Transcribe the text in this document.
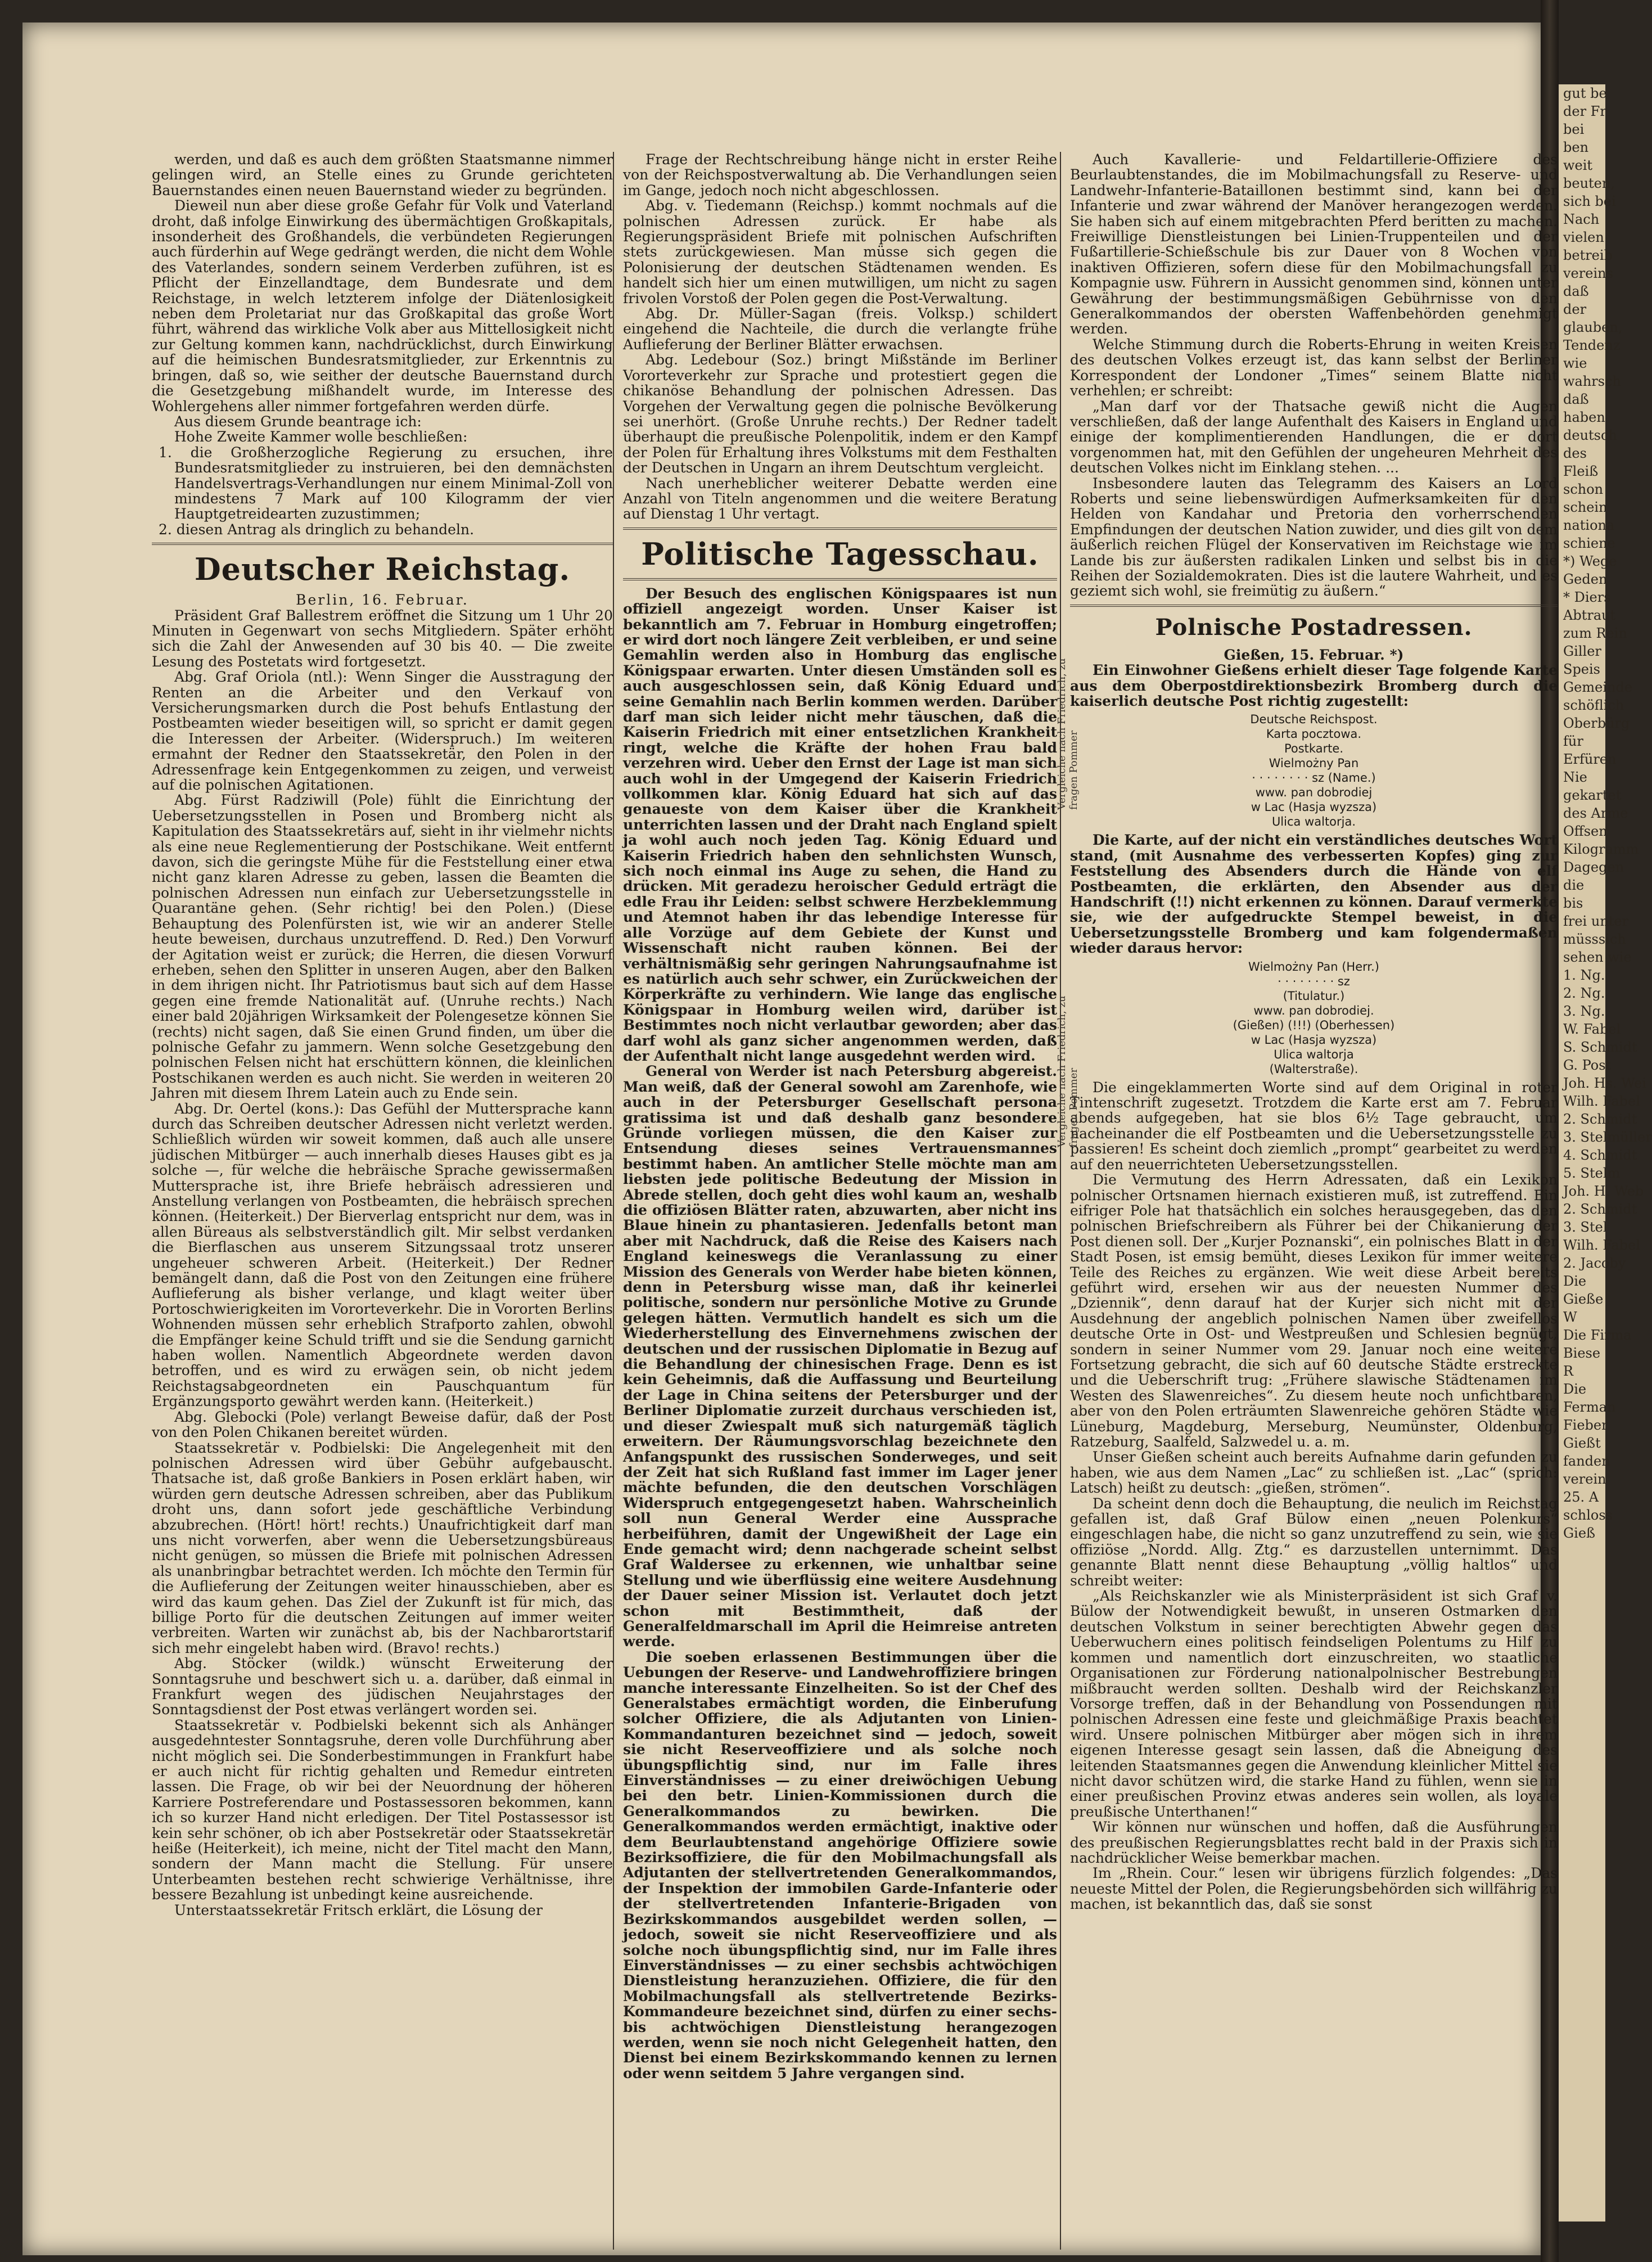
gut be
der Fr
bei
ben
weit
beuten,
sich bei
Nach
vielen
betreib
vereins
daß
der
glauben,
Tendenz
wie
wahrsch
daß
haben
deutsch
des
Fleiß
schon
schein
nationa
schiene
*) Wege
Geden
* Diers
Abtraut
zum Rein
Giller
Speis
Gemeinde
schöflich
Oberbürg
für
Erfüren
Nie
gekartet
des Arme
Offsen
Kilogramm
Dagegen
die
bis
frei unter
müsssich
sehen wie
1. Ng.
2. Ng.
3. Ng.
W. Fabel
S. Schmidt
G. Post
Joh. Hs. Wei
Wilh. Fabel
2. Schmidt
3. Stelmüller
4. Schmidt
5. Stelm
Joh. H. Web
2. Schmidt
3. Stel
Wilh. Fabel
2. Jacoby
Die
Gieße
W
Die Firma
Biese
R
Die
Ferman
Fieber
Gießt
fanden
verein
25. A
schloss
Gieß

werden, und daß es auch dem größten Staatsmanne nimmer gelingen wird, an Stelle eines zu Grunde gerichteten Bauernstandes einen neuen Bauernstand wieder zu begründen.

Dieweil nun aber diese große Gefahr für Volk und Vaterland droht, daß infolge Einwirkung des übermächtigen Großkapitals, insonderheit des Großhandels, die verbündeten Regierungen auch fürderhin auf Wege gedrängt werden, die nicht dem Wohle des Vaterlandes, sondern seinem Verderben zuführen, ist es Pflicht der Einzellandtage, dem Bundesrate und dem Reichstage, in welch letzterem infolge der Diätenlosigkeit neben dem Proletariat nur das Großkapital das große Wort führt, während das wirkliche Volk aber aus Mittellosigkeit nicht zur Geltung kommen kann, nachdrücklichst, durch Einwirkung auf die heimischen Bundesratsmitglieder, zur Erkenntnis zu bringen, daß so, wie seither der deutsche Bauernstand durch die Gesetzgebung mißhandelt wurde, im Interesse des Wohlergehens aller nimmer fortgefahren werden dürfe.

Aus diesem Grunde beantrage ich:

Hohe Zweite Kammer wolle beschließen:

1. die Großherzogliche Regierung zu ersuchen, ihre Bundesratsmitglieder zu instruieren, bei den demnächsten Handelsvertrags-Verhandlungen nur einem Minimal-Zoll von mindestens 7 Mark auf 100 Kilogramm der vier Hauptgetreidearten zuzustimmen;

2. diesen Antrag als dringlich zu behandeln.

Deutscher Reichstag.

Berlin, 16. Februar.

Präsident Graf Ballestrem eröffnet die Sitzung um 1 Uhr 20 Minuten in Gegenwart von sechs Mitgliedern. Später erhöht sich die Zahl der Anwesenden auf 30 bis 40. — Die zweite Lesung des Postetats wird fortgesetzt.

Abg. Graf Oriola (ntl.): Wenn Singer die Ausstragung der Renten an die Arbeiter und den Verkauf von Versicherungsmarken durch die Post behufs Entlastung der Postbeamten wieder beseitigen will, so spricht er damit gegen die Interessen der Arbeiter. (Widerspruch.) Im weiteren ermahnt der Redner den Staatssekretär, den Polen in der Adressenfrage kein Entgegenkommen zu zeigen, und verweist auf die polnischen Agitationen.

Abg. Fürst Radziwill (Pole) fühlt die Einrichtung der Uebersetzungsstellen in Posen und Bromberg nicht als Kapitulation des Staatssekretärs auf, sieht in ihr vielmehr nichts als eine neue Reglementierung der Postschikane. Weit entfernt davon, sich die geringste Mühe für die Feststellung einer etwa nicht ganz klaren Adresse zu geben, lassen die Beamten die polnischen Adressen nun einfach zur Uebersetzungsstelle in Quarantäne gehen. (Sehr richtig! bei den Polen.) (Diese Behauptung des Polenfürsten ist, wie wir an anderer Stelle heute beweisen, durchaus unzutreffend. D. Red.) Den Vorwurf der Agitation weist er zurück; die Herren, die diesen Vorwurf erheben, sehen den Splitter in unseren Augen, aber den Balken in dem ihrigen nicht. Ihr Patriotismus baut sich auf dem Hasse gegen eine fremde Nationalität auf. (Unruhe rechts.) Nach einer bald 20jährigen Wirksamkeit der Polengesetze können Sie (rechts) nicht sagen, daß Sie einen Grund finden, um über die polnische Gefahr zu jammern. Wenn solche Gesetzgebung den polnischen Felsen nicht hat erschüttern können, die kleinlichen Postschikanen werden es auch nicht. Sie werden in weiteren 20 Jahren mit diesem Ihrem Latein auch zu Ende sein.

Abg. Dr. Oertel (kons.): Das Gefühl der Muttersprache kann durch das Schreiben deutscher Adressen nicht verletzt werden. Schließlich würden wir soweit kommen, daß auch alle unsere jüdischen Mitbürger — auch innerhalb dieses Hauses gibt es ja solche —, für welche die hebräische Sprache gewissermaßen Muttersprache ist, ihre Briefe hebräisch adressieren und Anstellung verlangen von Postbeamten, die hebräisch sprechen können. (Heiterkeit.) Der Bierverlag entspricht nur dem, was in allen Büreaus als selbstverständlich gilt. Mir selbst verdanken die Bierflaschen aus unserem Sitzungssaal trotz unserer ungeheuer schweren Arbeit. (Heiterkeit.) Der Redner bemängelt dann, daß die Post von den Zeitungen eine frühere Auflieferung als bisher verlange, und klagt weiter über Portoschwierigkeiten im Vororteverkehr. Die in Vororten Berlins Wohnenden müssen sehr erheblich Strafporto zahlen, obwohl die Empfänger keine Schuld trifft und sie die Sendung garnicht haben wollen. Namentlich Abgeordnete werden davon betroffen, und es wird zu erwägen sein, ob nicht jedem Reichstagsabgeordneten ein Pauschquantum für Ergänzungsporto gewährt werden kann. (Heiterkeit.)

Abg. Glebocki (Pole) verlangt Beweise dafür, daß der Post von den Polen Chikanen bereitet würden.

Staatssekretär v. Podbielski: Die Angelegenheit mit den polnischen Adressen wird über Gebühr aufgebauscht. Thatsache ist, daß große Bankiers in Posen erklärt haben, wir würden gern deutsche Adressen schreiben, aber das Publikum droht uns, dann sofort jede geschäftliche Verbindung abzubrechen. (Hört! hört! rechts.) Unaufrichtigkeit darf man uns nicht vorwerfen, aber wenn die Uebersetzungsbüreaus nicht genügen, so müssen die Briefe mit polnischen Adressen als unanbringbar betrachtet werden. Ich möchte den Termin für die Auflieferung der Zeitungen weiter hinausschieben, aber es wird das kaum gehen. Das Ziel der Zukunft ist für mich, das billige Porto für die deutschen Zeitungen auf immer weiter verbreiten. Warten wir zunächst ab, bis der Nachbarortstarif sich mehr eingelebt haben wird. (Bravo! rechts.)

Abg. Stöcker (wildk.) wünscht Erweiterung der Sonntagsruhe und beschwert sich u. a. darüber, daß einmal in Frankfurt wegen des jüdischen Neujahrstages der Sonntagsdienst der Post etwas verlängert worden sei.

Staatssekretär v. Podbielski bekennt sich als Anhänger ausgedehntester Sonntagsruhe, deren volle Durchführung aber nicht möglich sei. Die Sonderbestimmungen in Frankfurt habe er auch nicht für richtig gehalten und Remedur eintreten lassen. Die Frage, ob wir bei der Neuordnung der höheren Karriere Postreferendare und Postassessoren bekommen, kann ich so kurzer Hand nicht erledigen. Der Titel Postassessor ist kein sehr schöner, ob ich aber Postsekretär oder Staatssekretär heiße (Heiterkeit), ich meine, nicht der Titel macht den Mann, sondern der Mann macht die Stellung. Für unsere Unterbeamten bestehen recht schwierige Verhältnisse, ihre bessere Bezahlung ist unbedingt keine ausreichende.

Unterstaatssekretär Fritsch erklärt, die Lösung der

Frage der Rechtschreibung hänge nicht in erster Reihe von der Reichspostverwaltung ab. Die Verhandlungen seien im Gange, jedoch noch nicht abgeschlossen.

Abg. v. Tiedemann (Reichsp.) kommt nochmals auf die polnischen Adressen zurück. Er habe als Regierungspräsident Briefe mit polnischen Aufschriften stets zurückgewiesen. Man müsse sich gegen die Polonisierung der deutschen Städtenamen wenden. Es handelt sich hier um einen mutwilligen, um nicht zu sagen frivolen Vorstoß der Polen gegen die Post-Verwaltung.

Abg. Dr. Müller-Sagan (freis. Volksp.) schildert eingehend die Nachteile, die durch die verlangte frühe Auflieferung der Berliner Blätter erwachsen.

Abg. Ledebour (Soz.) bringt Mißstände im Berliner Vororteverkehr zur Sprache und protestiert gegen die chikanöse Behandlung der polnischen Adressen. Das Vorgehen der Verwaltung gegen die polnische Bevölkerung sei unerhört. (Große Unruhe rechts.) Der Redner tadelt überhaupt die preußische Polenpolitik, indem er den Kampf der Polen für Erhaltung ihres Volkstums mit dem Festhalten der Deutschen in Ungarn an ihrem Deutschtum vergleicht.

Nach unerheblicher weiterer Debatte werden eine Anzahl von Titeln angenommen und die weitere Beratung auf Dienstag 1 Uhr vertagt.

Politische Tagesschau.

Der Besuch des englischen Königspaares ist nun offiziell angezeigt worden. Unser Kaiser ist bekanntlich am 7. Februar in Homburg eingetroffen; er wird dort noch längere Zeit verbleiben, er und seine Gemahlin werden also in Homburg das englische Königspaar erwarten. Unter diesen Umständen soll es auch ausgeschlossen sein, daß König Eduard und seine Gemahlin nach Berlin kommen werden. Darüber darf man sich leider nicht mehr täuschen, daß die Kaiserin Friedrich mit einer entsetzlichen Krankheit ringt, welche die Kräfte der hohen Frau bald verzehren wird. Ueber den Ernst der Lage ist man sich auch wohl in der Umgegend der Kaiserin Friedrich vollkommen klar. König Eduard hat sich auf das genaueste von dem Kaiser über die Krankheit unterrichten lassen und der Draht nach England spielt ja wohl auch noch jeden Tag. König Eduard und Kaiserin Friedrich haben den sehnlichsten Wunsch, sich noch einmal ins Auge zu sehen, die Hand zu drücken. Mit geradezu heroischer Geduld erträgt die edle Frau ihr Leiden: selbst schwere Herzbeklemmung und Atemnot haben ihr das lebendige Interesse für alle Vorzüge auf dem Gebiete der Kunst und Wissenschaft nicht rauben können. Bei der verhältnismäßig sehr geringen Nahrungsaufnahme ist es natürlich auch sehr schwer, ein Zurückweichen der Körperkräfte zu verhindern. Wie lange das englische Königspaar in Homburg weilen wird, darüber ist Bestimmtes noch nicht verlautbar geworden; aber das darf wohl als ganz sicher angenommen werden, daß der Aufenthalt nicht lange ausgedehnt werden wird.

General von Werder ist nach Petersburg abgereist. Man weiß, daß der General sowohl am Zarenhofe, wie auch in der Petersburger Gesellschaft persona gratissima ist und daß deshalb ganz besondere Gründe vorliegen müssen, die den Kaiser zur Entsendung dieses seines Vertrauensmannes bestimmt haben. An amtlicher Stelle möchte man am liebsten jede politische Bedeutung der Mission in Abrede stellen, doch geht dies wohl kaum an, weshalb die offiziösen Blätter raten, abzuwarten, aber nicht ins Blaue hinein zu phantasieren. Jedenfalls betont man aber mit Nachdruck, daß die Reise des Kaisers nach England keineswegs die Veranlassung zu einer Mission des Generals von Werder habe bieten können, denn in Petersburg wisse man, daß ihr keinerlei politische, sondern nur persönliche Motive zu Grunde gelegen hätten. Vermutlich handelt es sich um die Wiederherstellung des Einvernehmens zwischen der deutschen und der russischen Diplomatie in Bezug auf die Behandlung der chinesischen Frage. Denn es ist kein Geheimnis, daß die Auffassung und Beurteilung der Lage in China seitens der Petersburger und der Berliner Diplomatie zurzeit durchaus verschieden ist, und dieser Zwiespalt muß sich naturgemäß täglich erweitern. Der Räumungsvorschlag bezeichnete den Anfangspunkt des russischen Sonderweges, und seit der Zeit hat sich Rußland fast immer im Lager jener mächte befunden, die den deutschen Vorschlägen Widerspruch entgegengesetzt haben. Wahrscheinlich soll nun General Werder eine Aussprache herbeiführen, damit der Ungewißheit der Lage ein Ende gemacht wird; denn nachgerade scheint selbst Graf Waldersee zu erkennen, wie unhaltbar seine Stellung und wie überflüssig eine weitere Ausdehnung der Dauer seiner Mission ist. Verlautet doch jetzt schon mit Bestimmtheit, daß der Generalfeldmarschall im April die Heimreise antreten werde.

Die soeben erlassenen Bestimmungen über die Uebungen der Reserve- und Landwehroffiziere bringen manche interessante Einzelheiten. So ist der Chef des Generalstabes ermächtigt worden, die Einberufung solcher Offiziere, die als Adjutanten von Linien-Kommandanturen bezeichnet sind — jedoch, soweit sie nicht Reserveoffiziere und als solche noch übungspflichtig sind, nur im Falle ihres Einverständnisses — zu einer dreiwöchigen Uebung bei den betr. Linien-Kommissionen durch die Generalkommandos zu bewirken. Die Generalkommandos werden ermächtigt, inaktive oder dem Beurlaubtenstand angehörige Offiziere sowie Bezirksoffiziere, die für den Mobilmachungsfall als Adjutanten der stellvertretenden Generalkommandos, der Inspektion der immobilen Garde-Infanterie oder der stellvertretenden Infanterie-Brigaden von Bezirkskommandos ausgebildet werden sollen, — jedoch, soweit sie nicht Reserveoffiziere und als solche noch übungspflichtig sind, nur im Falle ihres Einverständnisses — zu einer sechsbis achtwöchigen Dienstleistung heranzuziehen. Offiziere, die für den Mobilmachungsfall als stellvertretende Bezirks-Kommandeure bezeichnet sind, dürfen zu einer sechs- bis achtwöchigen Dienstleistung herangezogen werden, wenn sie noch nicht Gelegenheit hatten, den Dienst bei einem Bezirkskommando kennen zu lernen oder wenn seitdem 5 Jahre vergangen sind.

Auch Kavallerie- und Feldartillerie-Offiziere des Beurlaubtenstandes, die im Mobilmachungsfall zu Reserve- und Landwehr-Infanterie-Bataillonen bestimmt sind, kann bei der Infanterie und zwar während der Manöver herangezogen werden. Sie haben sich auf einem mitgebrachten Pferd beritten zu machen. Freiwillige Dienstleistungen bei Linien-Truppenteilen und der Fußartillerie-Schießschule bis zur Dauer von 8 Wochen von inaktiven Offizieren, sofern diese für den Mobilmachungsfall zu Kompagnie usw. Führern in Aussicht genommen sind, können unter Gewährung der bestimmungsmäßigen Gebührnisse von den Generalkommandos der obersten Waffenbehörden genehmigt werden.

Welche Stimmung durch die Roberts-Ehrung in weiten Kreisen des deutschen Volkes erzeugt ist, das kann selbst der Berliner Korrespondent der Londoner „Times“ seinem Blatte nicht verhehlen; er schreibt:

„Man darf vor der Thatsache gewiß nicht die Augen verschließen, daß der lange Aufenthalt des Kaisers in England und einige der komplimentierenden Handlungen, die er dort vorgenommen hat, mit den Gefühlen der ungeheuren Mehrheit des deutschen Volkes nicht im Einklang stehen. ...

Insbesondere lauten das Telegramm des Kaisers an Lord Roberts und seine liebenswürdigen Aufmerksamkeiten für den Helden von Kandahar und Pretoria den vorherrschenden Empfindungen der deutschen Nation zuwider, und dies gilt von dem äußerlich reichen Flügel der Konservativen im Reichstage wie im Lande bis zur äußersten radikalen Linken und selbst bis in die Reihen der Sozialdemokraten. Dies ist die lautere Wahrheit, und es geziemt sich wohl, sie freimütig zu äußern.“

Polnische Postadressen.

Gießen, 15. Februar. *)

Ein Einwohner Gießens erhielt dieser Tage folgende Karte aus dem Oberpostdirektionsbezirk Bromberg durch die kaiserlich deutsche Post richtig zugestellt:

Deutsche Reichspost.

Karta pocztowa.

Postkarte.

Wielmożny Pan

· · · · · · · · sz (Name.)

www. pan dobrodiej

w Lac (Hasja wyzsza)

Ulica waltorja.

Die Karte, auf der nicht ein verständliches deutsches Wort stand, (mit Ausnahme des verbesserten Kopfes) ging zur Feststellung des Absenders durch die Hände von elf Postbeamten, die erklärten, den Absender aus der Handschrift (!!) nicht erkennen zu können. Darauf vermerkte sie, wie der aufgedruckte Stempel beweist, in die Uebersetzungsstelle Bromberg und kam folgendermaßen wieder daraus hervor:

Wielmożny Pan (Herr.)

· · · · · · · · sz

(Titulatur.)

www. pan dobrodiej.

(Gießen) (!!!) (Oberhessen)

w Lac (Hasja wyzsza)

Ulica waltorja

(Walterstraße).

Die eingeklammerten Worte sind auf dem Original in roter Tintenschrift zugesetzt. Trotzdem die Karte erst am 7. Februar abends aufgegeben, hat sie blos 6½ Tage gebraucht, um nacheinander die elf Postbeamten und die Uebersetzungsstelle zu passieren! Es scheint doch ziemlich „prompt“ gearbeitet zu werden auf den neuerrichteten Uebersetzungsstellen.

Die Vermutung des Herrn Adressaten, daß ein Lexikon polnischer Ortsnamen hiernach existieren muß, ist zutreffend. Ein eifriger Pole hat thatsächlich ein solches herausgegeben, das den polnischen Briefschreibern als Führer bei der Chikanierung der Post dienen soll. Der „Kurjer Poznanski“, ein polnisches Blatt in der Stadt Posen, ist emsig bemüht, dieses Lexikon für immer weitere Teile des Reiches zu ergänzen. Wie weit diese Arbeit bereits geführt wird, ersehen wir aus der neuesten Nummer des „Dziennik“, denn darauf hat der Kurjer sich nicht mit der Ausdehnung der angeblich polnischen Namen über zweifellos deutsche Orte in Ost- und Westpreußen und Schlesien begnügt, sondern in seiner Nummer vom 29. Januar noch eine weitere Fortsetzung gebracht, die sich auf 60 deutsche Städte erstreckte und die Ueberschrift trug: „Frühere slawische Städtenamen im Westen des Slawenreiches“. Zu diesem heute noch unfichtbaren, aber von den Polen erträumten Slawenreiche gehören Städte wie Lüneburg, Magdeburg, Merseburg, Neumünster, Oldenburg, Ratzeburg, Saalfeld, Salzwedel u. a. m.

Unser Gießen scheint auch bereits Aufnahme darin gefunden zu haben, wie aus dem Namen „Lac“ zu schließen ist. „Lac“ (sprich: Latsch) heißt zu deutsch: „gießen, strömen“.

Da scheint denn doch die Behauptung, die neulich im Reichstag gefallen ist, daß Graf Bülow einen „neuen Polenkurs“ eingeschlagen habe, die nicht so ganz unzutreffend zu sein, wie sie offiziöse „Nordd. Allg. Ztg.“ es darzustellen unternimmt. Das genannte Blatt nennt diese Behauptung „völlig haltlos“ und schreibt weiter:

„Als Reichskanzler wie als Ministerpräsident ist sich Graf v. Bülow der Notwendigkeit bewußt, in unseren Ostmarken den deutschen Volkstum in seiner berechtigten Abwehr gegen das Ueberwuchern eines politisch feindseligen Polentums zu Hilf zu kommen und namentlich dort einzuschreiten, wo staatliche Organisationen zur Förderung nationalpolnischer Bestrebungen mißbraucht werden sollten. Deshalb wird der Reichskanzler Vorsorge treffen, daß in der Behandlung von Possendungen mit polnischen Adressen eine feste und gleichmäßige Praxis beachtet wird. Unsere polnischen Mitbürger aber mögen sich in ihrem eigenen Interesse gesagt sein lassen, daß die Abneigung des leitenden Staatsmannes gegen die Anwendung kleinlicher Mittel sie nicht davor schützen wird, die starke Hand zu fühlen, wenn sie in einer preußischen Provinz etwas anderes sein wollen, als loyale preußische Unterthanen!“

Wir können nur wünschen und hoffen, daß die Ausführungen des preußischen Regierungsblattes recht bald in der Praxis sich in nachdrücklicher Weise bemerkbar machen.

Im „Rhein. Cour.“ lesen wir übrigens fürzlich folgendes: „Das neueste Mittel der Polen, die Regierungsbehörden sich willfährig zu machen, ist bekanntlich das, daß sie sonst

Vergleiche nach Friedrich, zu fragen Pommer
Vergleiche nach Friedrich, zu fragen Pommer
